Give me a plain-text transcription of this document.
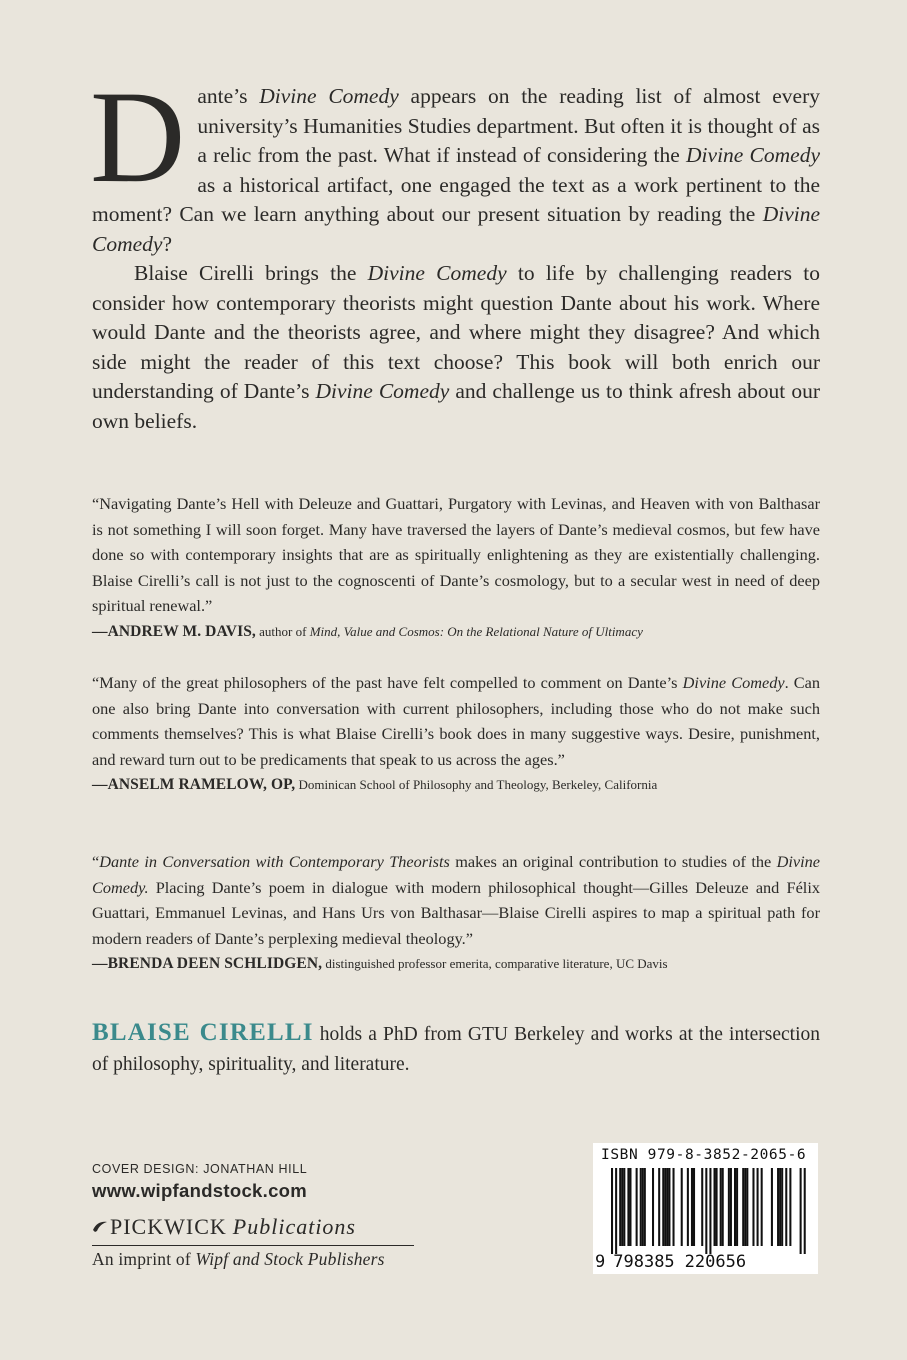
Dante’s Divine Comedy appears on the reading list of almost every university’s Humanities Studies department. But often it is thought of as a relic from the past. What if instead of considering the Divine Comedy as a historical artifact, one engaged the text as a work pertinent to the moment? Can we learn anything about our present situation by reading the Divine Comedy?

Blaise Cirelli brings the Divine Comedy to life by challenging readers to consider how contemporary theorists might question Dante about his work. Where would Dante and the theorists agree, and where might they disagree? And which side might the reader of this text choose? This book will both enrich our understanding of Dante’s Divine Comedy and challenge us to think afresh about our own beliefs.

“Navigating Dante’s Hell with Deleuze and Guattari, Purgatory with Levinas, and Heaven with von Balthasar is not something I will soon forget. Many have traversed the layers of Dante’s medieval cosmos, but few have done so with contemporary insights that are as spiritually enlightening as they are existentially challenging. Blaise Cirelli’s call is not just to the cognoscenti of Dante’s cosmology, but to a secular west in need of deep spiritual renewal.”

—ANDREW M. DAVIS, author of Mind, Value and Cosmos: On the Relational Nature of Ultimacy

“Many of the great philosophers of the past have felt compelled to comment on Dante’s Divine Comedy. Can one also bring Dante into conversation with current philosophers, including those who do not make such comments themselves? This is what Blaise Cirelli’s book does in many suggestive ways. Desire, punishment, and reward turn out to be predicaments that speak to us across the ages.”

—ANSELM RAMELOW, OP, Dominican School of Philosophy and Theology, Berkeley, California

“Dante in Conversation with Contemporary Theorists makes an original contribution to studies of the Divine Comedy. Placing Dante’s poem in dialogue with modern philosophical thought—Gilles Deleuze and Félix Guattari, Emmanuel Levinas, and Hans Urs von Balthasar—Blaise Cirelli aspires to map a spiritual path for modern readers of Dante’s perplexing medieval theology.”

—BRENDA DEEN SCHLIDGEN, distinguished professor emerita, comparative literature, UC Davis

BLAISE CIRELLI holds a PhD from GTU Berkeley and works at the intersection of philosophy, spirituality, and literature.

COVER DESIGN: JONATHAN HILL
www.wipfandstock.com
PICKWICK Publications
An imprint of Wipf and Stock Publishers
ISBN 979-8-3852-2065-6
9 798385 220656
